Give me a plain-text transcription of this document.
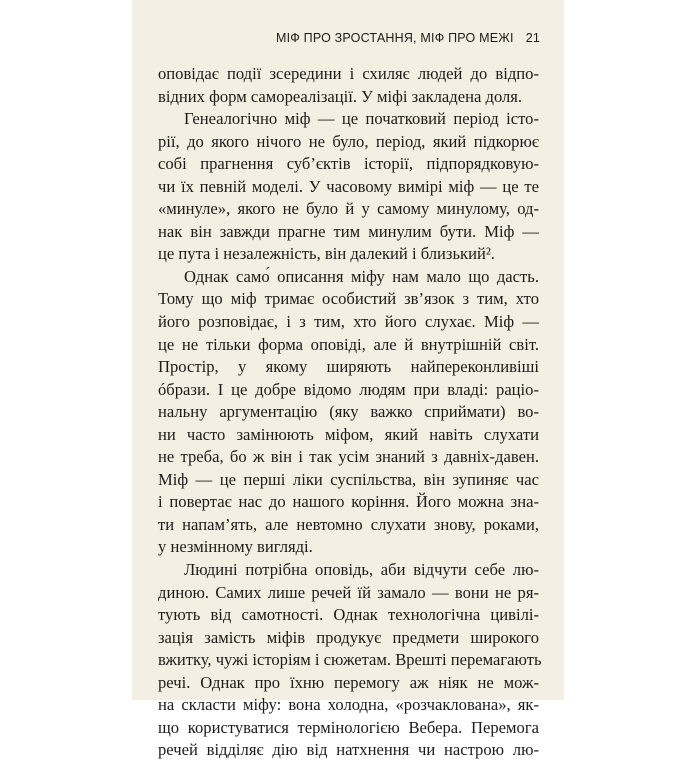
МІФ ПРО ЗРОСТАННЯ, МІФ ПРО МЕЖІ 21
оповідає події зсередини і схиляє людей до відпо-
відних форм самореалізації. У міфі закладена доля.
Генеалогічно міф — це початковий період істо-
рії, до якого нічого не було, період, який підкорює
собі прагнення суб’єктів історії, підпорядковую-
чи їх певній моделі. У часовому вимірі міф — це те
«минуле», якого не було й у самому минулому, од-
нак він завжди прагне тим минулим бути. Міф —
це пута і незалежність, він далекий і близький².
Однак само́ описання міфу нам мало що дасть.
Тому що міф тримає особистий зв’язок з тим, хто
його розповідає, і з тим, хто його слухає. Міф —
це не тільки форма оповіді, але й внутрішній світ.
Простір, у якому ширяють найпереконливіші
óбрази. І це добре відомо людям при владі: раціо-
нальну аргументацію (яку важко сприймати) во-
ни часто замінюють міфом, який навіть слухати
не треба, бо ж він і так усім знаний з давніх-давен.
Міф — це перші ліки суспільства, він зупиняє час
і повертає нас до нашого коріння. Його можна зна-
ти напам’ять, але невтомно слухати знову, роками,
у незмінному вигляді.
Людині потрібна оповідь, аби відчути себе лю-
диною. Самих лише речей їй замало — вони не ря-
тують від самотності. Однак технологічна цивілі-
зація замість міфів продукує предмети широкого
вжитку, чужі історіям і сюжетам. Врешті перемагають
речі. Однак про їхню перемогу аж ніяк не мож-
на скласти міфу: вона холодна, «розчаклована», як-
що користуватися термінологією Вебера. Перемога
речей відділяє дію від натхнення чи настрою лю-
